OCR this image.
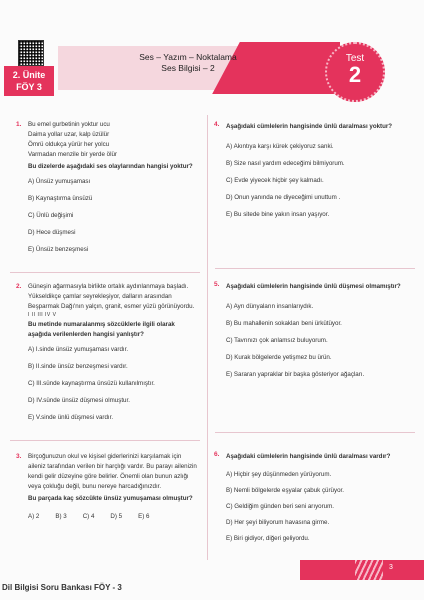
2. Ünite
FÖY 3
Ses – Yazım – Noktalama
Ses Bilgisi – 2
Test
2
1. Bu emel gurbetinin yoktur ucu
Daima yollar uzar, kalp üzülür
Ömrü oldukça yürür her yolcu
Varmadan menzile bir yerde ölür
Bu dizelerde aşağıdaki ses olaylarından hangisi yoktur?
A) Ünsüz yumuşaması
B) Kaynaştırma ünsüzü
C) Ünlü değişimi
D) Hece düşmesi
E) Ünsüz benzeşmesi
2. Güneşin ağarmasıyla birlikte ortalık aydınlanmaya başladı. Yükseldikçe çamlar seyrekleşiyor, dalların arasından Beşparmak Dağı'nın yalçın, granit, esmer yüzü görünüyordu.
I II III IV V
Bu metinde numaralanmış sözcüklerle ilgili olarak aşağıda verilenlerden hangisi yanlıştır?
A) I.sinde ünsüz yumuşaması vardır.
B) II.sinde ünsüz benzeşmesi vardır.
C) III.sünde kaynaştırma ünsüzü kullanılmıştır.
D) IV.sünde ünsüz düşmesi olmuştur.
E) V.sinde ünlü düşmesi vardır.
3. Birçoğunuzun okul ve kişisel giderlerinizi karşılamak için aileniz tarafından verilen bir harçlığı vardır. Bu parayı ailenizin kendi gelir düzeyine göre belirler. Önemli olan bunun azlığı veya çokluğu değil, bunu nereye harcadığınızdır.
Bu parçada kaç sözcükte ünsüz yumuşaması olmuştur?
A) 2	B) 3	C) 4	D) 5	E) 6
4. Aşağıdaki cümlelerin hangisinde ünlü daralması yoktur?
A) Akıntıya karşı kürek çekiyoruz sanki.
B) Size nasıl yardım edeceğimi bilmiyorum.
C) Evde yiyecek hiçbir şey kalmadı.
D) Onun yanında ne diyeceğimi unuttum .
E) Bu sitede bine yakın insan yaşıyor.
5. Aşağıdaki cümlelerin hangisinde ünlü düşmesi olmamıştır?
A) Ayrı dünyaların insanlarıydık.
B) Bu mahallenin sokakları beni ürkütüyor.
C) Tavrınızı çok anlamsız buluyorum.
D) Kurak bölgelerde yetişmez bu ürün.
E) Sararan yapraklar bir başka gösteriyor ağaçları.
6. Aşağıdaki cümlelerin hangisinde ünlü daralması vardır?
A) Hiçbir şey düşünmeden yürüyorum.
B) Nemli bölgelerde eşyalar çabuk çürüyor.
C) Geldiğim günden beri seni arıyorum.
D) Her şeyi biliyorum havasına girme.
E) Biri gidiyor, diğeri geliyordu.
3
Dil Bilgisi Soru Bankası FÖY - 3
